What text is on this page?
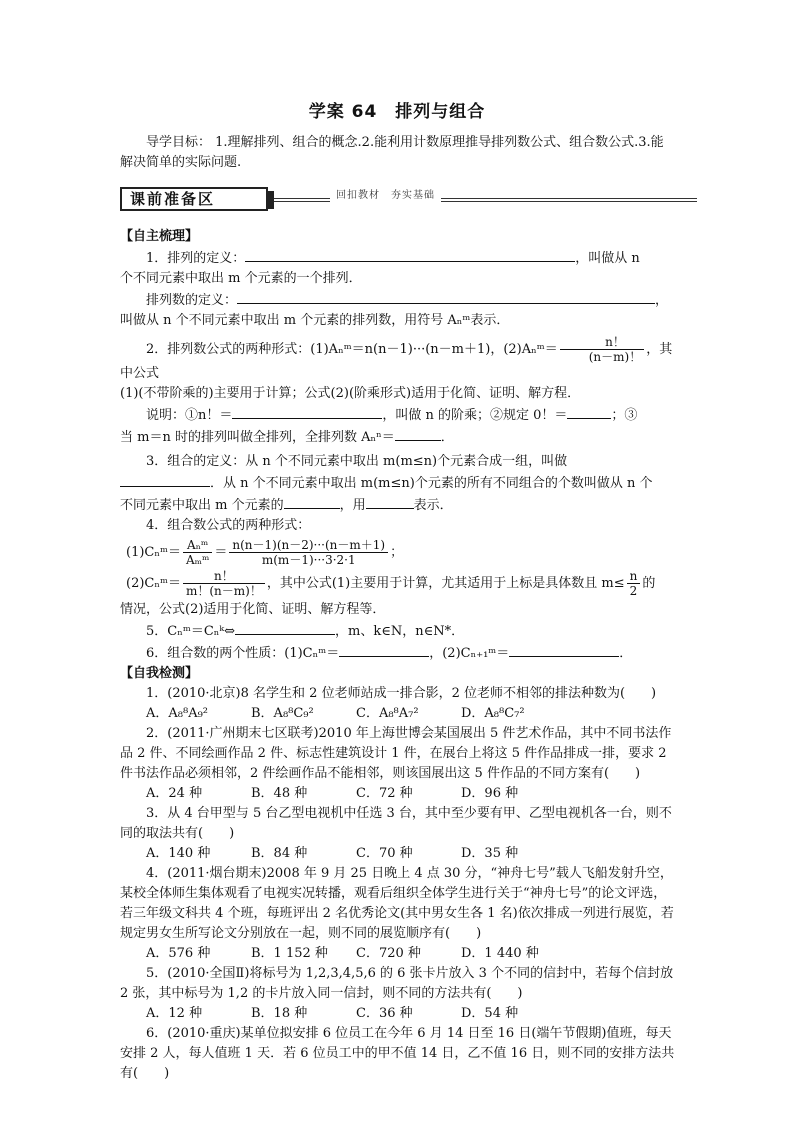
学案 64　排列与组合

导学目标： 1.理解排列、组合的概念.2.能利用计数原理推导排列数公式、组合数公式.3.能解决简单的实际问题.

课前准备区	回扣教材　夯实基础

【自主梳理】

1．排列的定义：	，叫做从 n

个不同元素中取出 m 个元素的一个排列．

排列数的定义：	，

叫做从 n 个不同元素中取出 m 个元素的排列数，用符号 Aₙᵐ表示．

2．排列数公式的两种形式：(1)Aₙᵐ＝n(n－1)···(n－m＋1)，(2)Aₙᵐ＝ $\frac{n!}{(n-m)!}$ ，其中公式

(1)(不带阶乘的)主要用于计算；公式(2)(阶乘形式)适用于化简、证明、解方程．

说明：①n！＝	，叫做 n 的阶乘；②规定 0！＝	；③

当 m＝n 时的排列叫做全排列，全排列数 Aₙⁿ＝	．

3．组合的定义：从 n 个不同元素中取出 m(m≤n)个元素合成一组，叫做

．从 n 个不同元素中取出 m(m≤n)个元素的所有不同组合的个数叫做从 n 个

不同元素中取出 m 个元素的	，用	表示．

4．组合数公式的两种形式：

(1)Cₙᵐ＝ $\frac{\text{Aₙᵐ}}{\text{Aₘᵐ}} = \frac{n(n-1)(n-2)\cdot\cdot\cdot(n-m+1)}{m(m-1)\cdot\cdot\cdot 3\cdot 2\cdot 1}$ ；

(2)Cₙᵐ＝ $\frac{n!}{m!(n-m)!}$ ，其中公式(1)主要用于计算，尤其适用于上标是具体数且 $m\le \frac{n}{2}$ 的

情况，公式(2)适用于化简、证明、解方程等．

5．Cₙᵐ＝Cₙᵏ⇔	，m、k∈N，n∈N*．

6．组合数的两个性质：(1)Cₙᵐ＝	，(2)Cₙ₊₁ᵐ＝	．

【自我检测】

1．(2010·北京)8 名学生和 2 位老师站成一排合影，2 位老师不相邻的排法种数为(　　)

A．A₈⁸A₉²	B．A₈⁸C₉²	C．A₈⁸A₇²	D．A₈⁸C₇²

2．(2011·广州期末七区联考)2010 年上海世博会某国展出 5 件艺术作品，其中不同书法作品 2 件、不同绘画作品 2 件、标志性建筑设计 1 件，在展台上将这 5 件作品排成一排，要求 2 件书法作品必须相邻，2 件绘画作品不能相邻，则该国展出这 5 件作品的不同方案有(　　)

A．24 种	B．48 种	C．72 种	D．96 种

3．从 4 台甲型与 5 台乙型电视机中任选 3 台，其中至少要有甲、乙型电视机各一台，则不同的取法共有(　　)

A．140 种	B．84 种	C．70 种	D．35 种

4．(2011·烟台期末)2008 年 9 月 25 日晚上 4 点 30 分，“神舟七号”载人飞船发射升空，某校全体师生集体观看了电视实况转播，观看后组织全体学生进行关于“神舟七号”的论文评选，若三年级文科共 4 个班，每班评出 2 名优秀论文(其中男女生各 1 名)依次排成一列进行展览，若规定男女生所写论文分别放在一起，则不同的展览顺序有(　　)

A．576 种	B．1 152 种	C．720 种	D．1 440 种

5．(2010·全国Ⅱ)将标号为 1,2,3,4,5,6 的 6 张卡片放入 3 个不同的信封中，若每个信封放 2 张，其中标号为 1,2 的卡片放入同一信封，则不同的方法共有(　　)

A．12 种	B．18 种	C．36 种	D．54 种

6．(2010·重庆)某单位拟安排 6 位员工在今年 6 月 14 日至 16 日(端午节假期)值班，每天安排 2 人，每人值班 1 天．若 6 位员工中的甲不值 14 日，乙不值 16 日，则不同的安排方法共有(　　)
